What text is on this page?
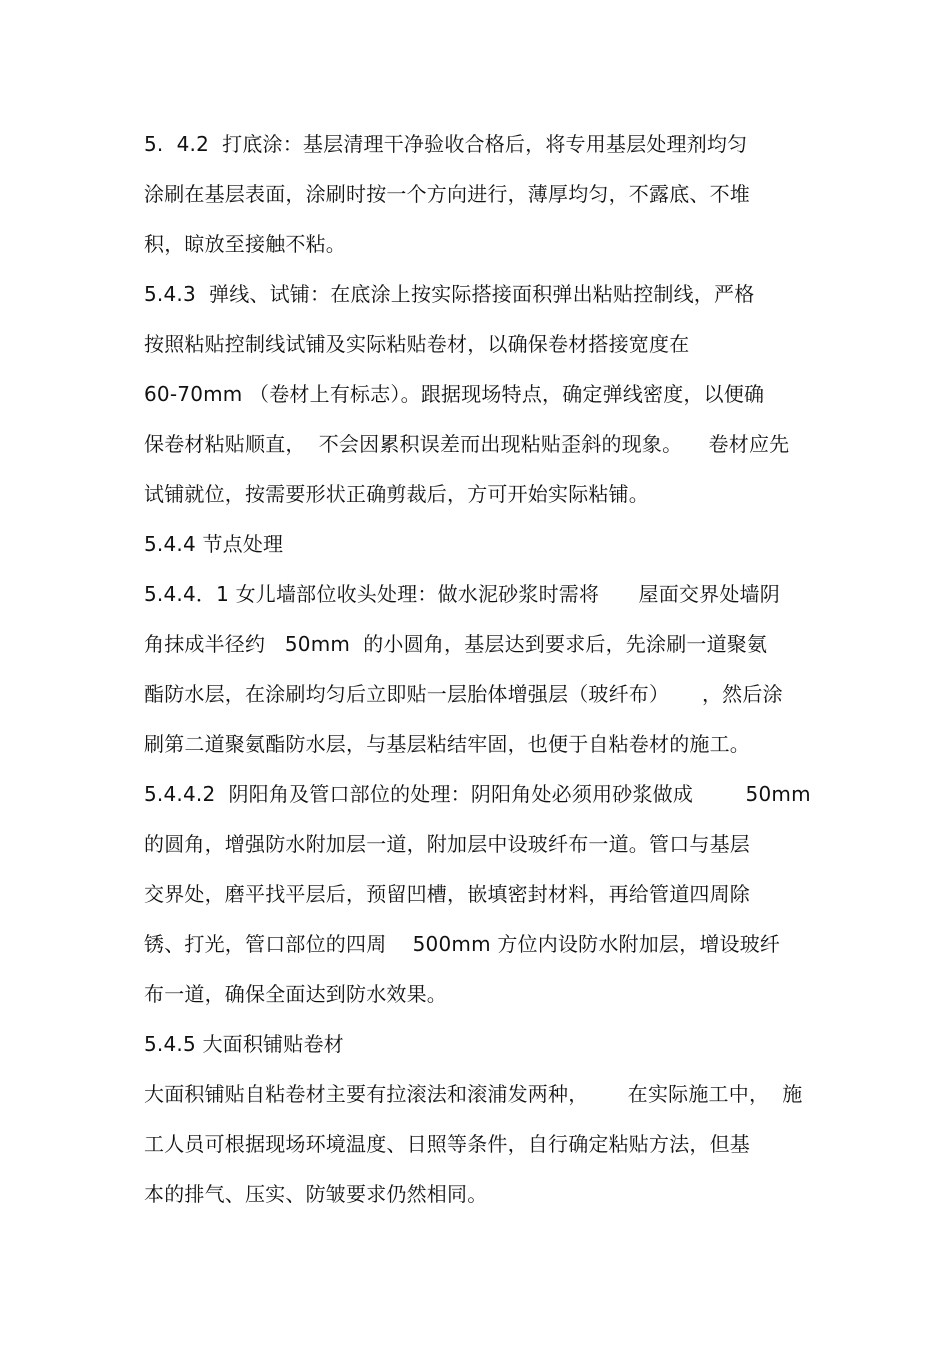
5.  4.2  打底涂：基层清理干净验收合格后，将专用基层处理剂均匀
涂刷在基层表面，涂刷时按一个方向进行，薄厚均匀，不露底、不堆
积，晾放至接触不粘。
5.4.3  弹线、试铺：在底涂上按实际搭接面积弹出粘贴控制线，严格
按照粘贴控制线试铺及实际粘贴卷材，以确保卷材搭接宽度在
60-70mm （卷材上有标志）。跟据现场特点，确定弹线密度，以便确
保卷材粘贴顺直，  不会因累积误差而出现粘贴歪斜的现象。    卷材应先
试铺就位，按需要形状正确剪裁后，方可开始实际粘铺。
5.4.4 节点处理
5.4.4．1 女儿墙部位收头处理：做水泥砂浆时需将      屋面交界处墙阴
角抹成半径约   50mm  的小圆角，基层达到要求后，先涂刷一道聚氨
酯防水层，在涂刷均匀后立即贴一层胎体增强层（玻纤布）     ，然后涂
刷第二道聚氨酯防水层，与基层粘结牢固，也便于自粘卷材的施工。
5.4.4.2  阴阳角及管口部位的处理：阴阳角处必须用砂浆做成        50mm
的圆角，增强防水附加层一道，附加层中设玻纤布一道。管口与基层
交界处，磨平找平层后，预留凹槽，嵌填密封材料，再给管道四周除
锈、打光，管口部位的四周    500mm 方位内设防水附加层，增设玻纤
布一道，确保全面达到防水效果。
5.4.5 大面积铺贴卷材
大面积铺贴自粘卷材主要有拉滚法和滚浦发两种，      在实际施工中，  施
工人员可根据现场环境温度、日照等条件，自行确定粘贴方法，但基
本的排气、压实、防皱要求仍然相同。
